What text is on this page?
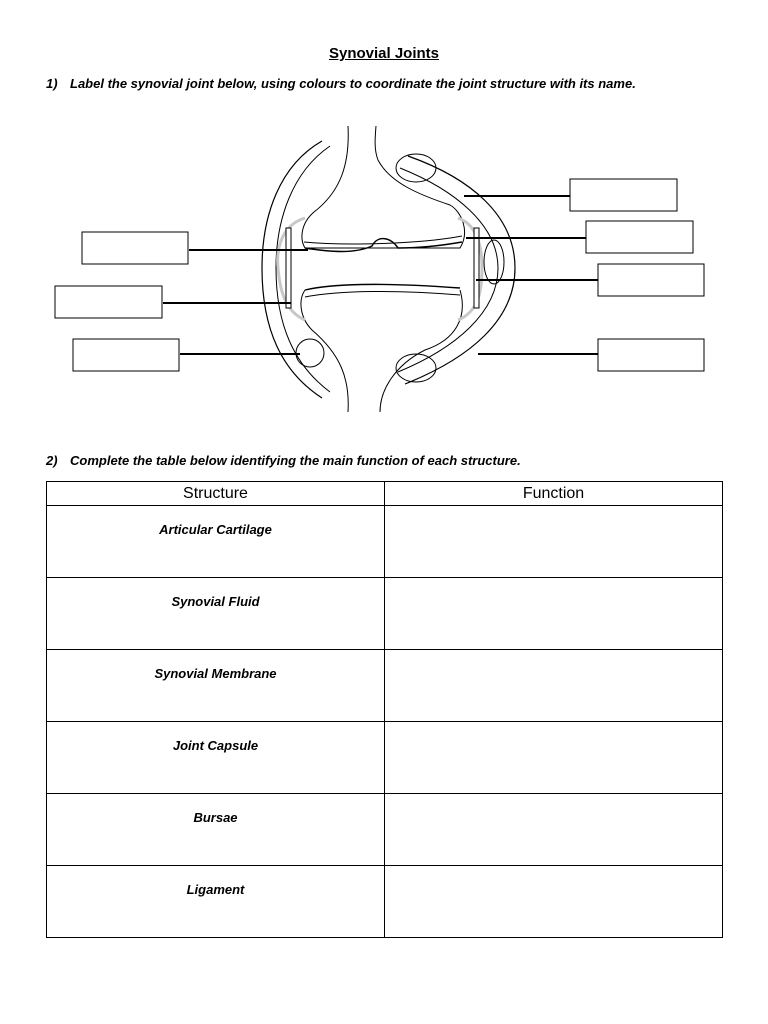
Synovial Joints
1) Label the synovial joint below, using colours to coordinate the joint structure with its name.
2) Complete the table below identifying the main function of each structure.
Structure	Function
Articular Cartilage	
Synovial Fluid	
Synovial Membrane	
Joint Capsule	
Bursae	
Ligament	
